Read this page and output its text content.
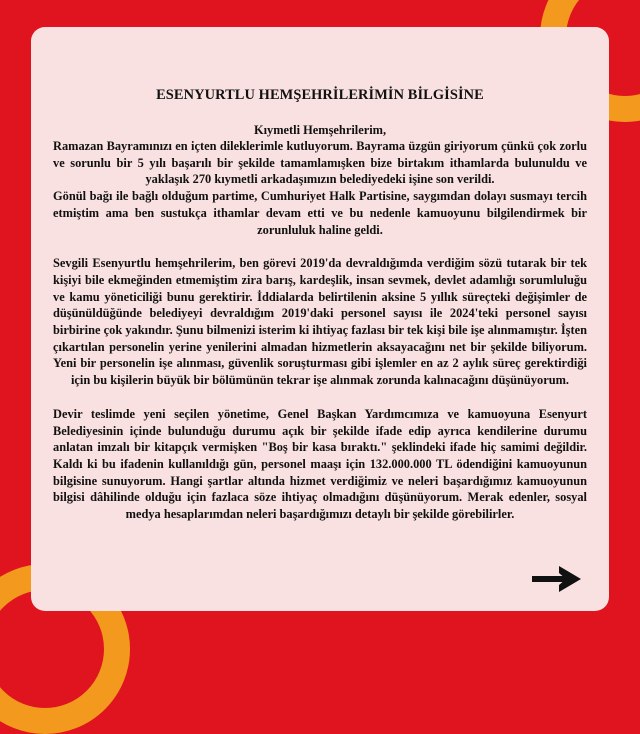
ESENYURTLU HEMŞEHRİLERİMİN BİLGİSİNE

Kıymetli Hemşehrilerim,

Ramazan Bayramınızı en içten dileklerimle kutluyorum. Bayrama üzgün giriyorum çünkü çok zorlu ve sorunlu bir 5 yılı başarılı bir şekilde tamamlamışken bize birtakım ithamlarda bulunuldu ve yaklaşık 270 kıymetli arkadaşımızın belediyedeki işine son verildi.

Gönül bağı ile bağlı olduğum partime, Cumhuriyet Halk Partisine, saygımdan dolayı susmayı tercih etmiştim ama ben sustukça ithamlar devam etti ve bu nedenle kamuoyunu bilgilendirmek bir zorunluluk haline geldi.

Sevgili Esenyurtlu hemşehrilerim, ben görevi 2019'da devraldığımda verdiğim sözü tutarak bir tek kişiyi bile ekmeğinden etmemiştim zira barış, kardeşlik, insan sevmek, devlet adamlığı sorumluluğu ve kamu yöneticiliği bunu gerektirir. İddialarda belirtilenin aksine 5 yıllık süreçteki değişimler de düşünüldüğünde belediyeyi devraldığım 2019'daki personel sayısı ile 2024'teki personel sayısı birbirine çok yakındır. Şunu bilmenizi isterim ki ihtiyaç fazlası bir tek kişi bile işe alınmamıştır. İşten çıkartılan personelin yerine yenilerini almadan hizmetlerin aksayacağını net bir şekilde biliyorum. Yeni bir personelin işe alınması, güvenlik soruşturması gibi işlemler en az 2 aylık süreç gerektirdiği için bu kişilerin büyük bir bölümünün tekrar işe alınmak zorunda kalınacağını düşünüyorum.

Devir teslimde yeni seçilen yönetime, Genel Başkan Yardımcımıza ve kamuoyuna Esenyurt Belediyesinin içinde bulunduğu durumu açık bir şekilde ifade edip ayrıca kendilerine durumu anlatan imzalı bir kitapçık vermişken "Boş bir kasa bıraktı." şeklindeki ifade hiç samimi değildir. Kaldı ki bu ifadenin kullanıldığı gün, personel maaşı için 132.000.000 TL ödendiğini kamuoyunun bilgisine sunuyorum. Hangi şartlar altında hizmet verdiğimiz ve neleri başardığımız kamuoyunun bilgisi dâhilinde olduğu için fazlaca söze ihtiyaç olmadığını düşünüyorum. Merak edenler, sosyal medya hesaplarımdan neleri başardığımızı detaylı bir şekilde görebilirler.
